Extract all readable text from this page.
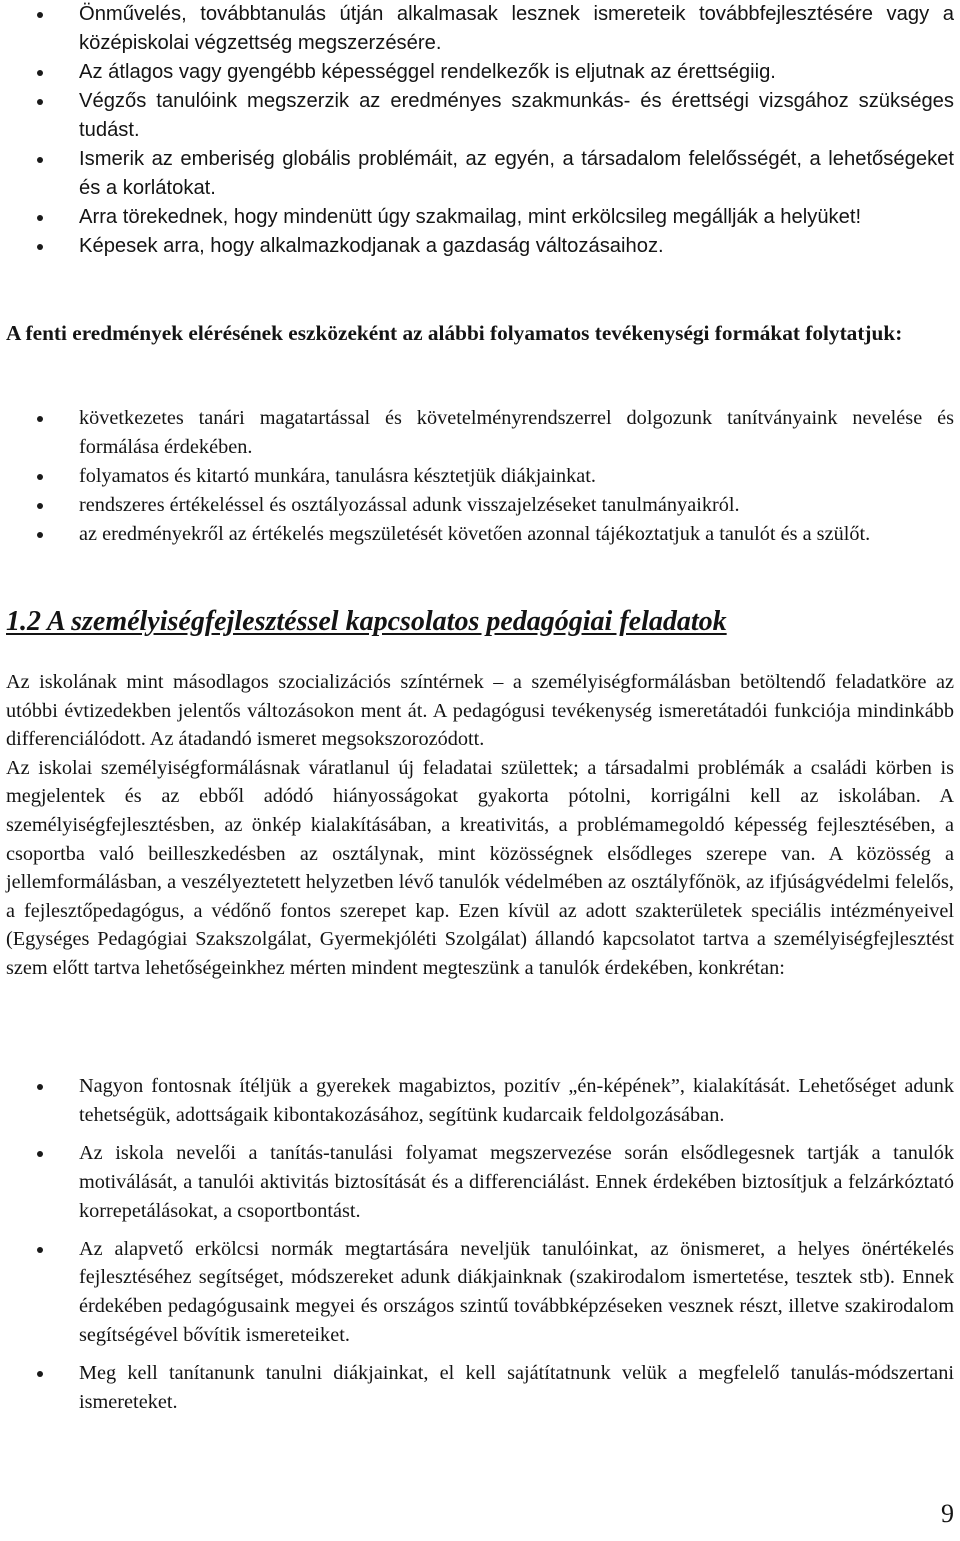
Önművelés, továbbtanulás útján alkalmasak lesznek ismereteik továbbfejlesztésére vagy a középiskolai végzettség megszerzésére.
Az átlagos vagy gyengébb képességgel rendelkezők is eljutnak az érettségiig.
Végzős tanulóink megszerzik az eredményes szakmunkás- és érettségi vizsgához szükséges tudást.
Ismerik az emberiség globális problémáit, az egyén, a társadalom felelősségét, a lehetőségeket és a korlátokat.
Arra törekednek, hogy mindenütt úgy szakmailag, mint erkölcsileg megállják a helyüket!
Képesek arra, hogy alkalmazkodjanak a gazdaság változásaihoz.
A fenti eredmények elérésének eszközeként az alábbi folyamatos tevékenységi formákat folytatjuk:
következetes tanári magatartással és követelményrendszerrel dolgozunk tanítványaink nevelése és formálása érdekében.
folyamatos és kitartó munkára, tanulásra késztetjük diákjainkat.
rendszeres értékeléssel és osztályozással adunk visszajelzéseket tanulmányaikról.
az eredményekről az értékelés megszületését követően azonnal tájékoztatjuk a tanulót és a szülőt.
1.2 A személyiségfejlesztéssel kapcsolatos pedagógiai feladatok

Az iskolának mint másodlagos szocializációs színtérnek – a személyiségformálásban betöltendő feladatköre az utóbbi évtizedekben jelentős változásokon ment át. A pedagógusi tevékenység ismeretátadói funkciója mindinkább differenciálódott. Az átadandó ismeret megsokszorozódott.

Az iskolai személyiségformálásnak váratlanul új feladatai születtek; a társadalmi problémák a családi körben is megjelentek és az ebből adódó hiányosságokat gyakorta pótolni, korrigálni kell az iskolában. A személyiségfejlesztésben, az önkép kialakításában, a kreativitás, a problémamegoldó képesség fejlesztésében, a csoportba való beilleszkedésben az osztálynak, mint közösségnek elsődleges szerepe van. A közösség a jellemformálásban, a veszélyeztetett helyzetben lévő tanulók védelmében az osztályfőnök, az ifjúságvédelmi felelős, a fejlesztőpedagógus, a védőnő fontos szerepet kap. Ezen kívül az adott szakterületek speciális intézményeivel (Egységes Pedagógiai Szakszolgálat, Gyermekjóléti Szolgálat) állandó kapcsolatot tartva a személyiségfejlesztést szem előtt tartva lehetőségeinkhez mérten mindent megteszünk a tanulók érdekében, konkrétan:

Nagyon fontosnak ítéljük a gyerekek magabiztos, pozitív „én-képének”, kialakítását. Lehetőséget adunk tehetségük, adottságaik kibontakozásához, segítünk kudarcaik feldolgozásában.
Az iskola nevelői a tanítás-tanulási folyamat megszervezése során elsődlegesnek tartják a tanulók motiválását, a tanulói aktivitás biztosítását és a differenciálást. Ennek érdekében biztosítjuk a felzárkóztató korrepetálásokat, a csoportbontást.
Az alapvető erkölcsi normák megtartására neveljük tanulóinkat, az önismeret, a helyes önértékelés fejlesztéséhez segítséget, módszereket adunk diákjainknak (szakirodalom ismertetése, tesztek stb). Ennek érdekében pedagógusaink megyei és országos szintű továbbképzéseken vesznek részt, illetve szakirodalom segítségével bővítik ismereteiket.
Meg kell tanítanunk tanulni diákjainkat, el kell sajátítatnunk velük a megfelelő tanulás-módszertani ismereteket.
9
